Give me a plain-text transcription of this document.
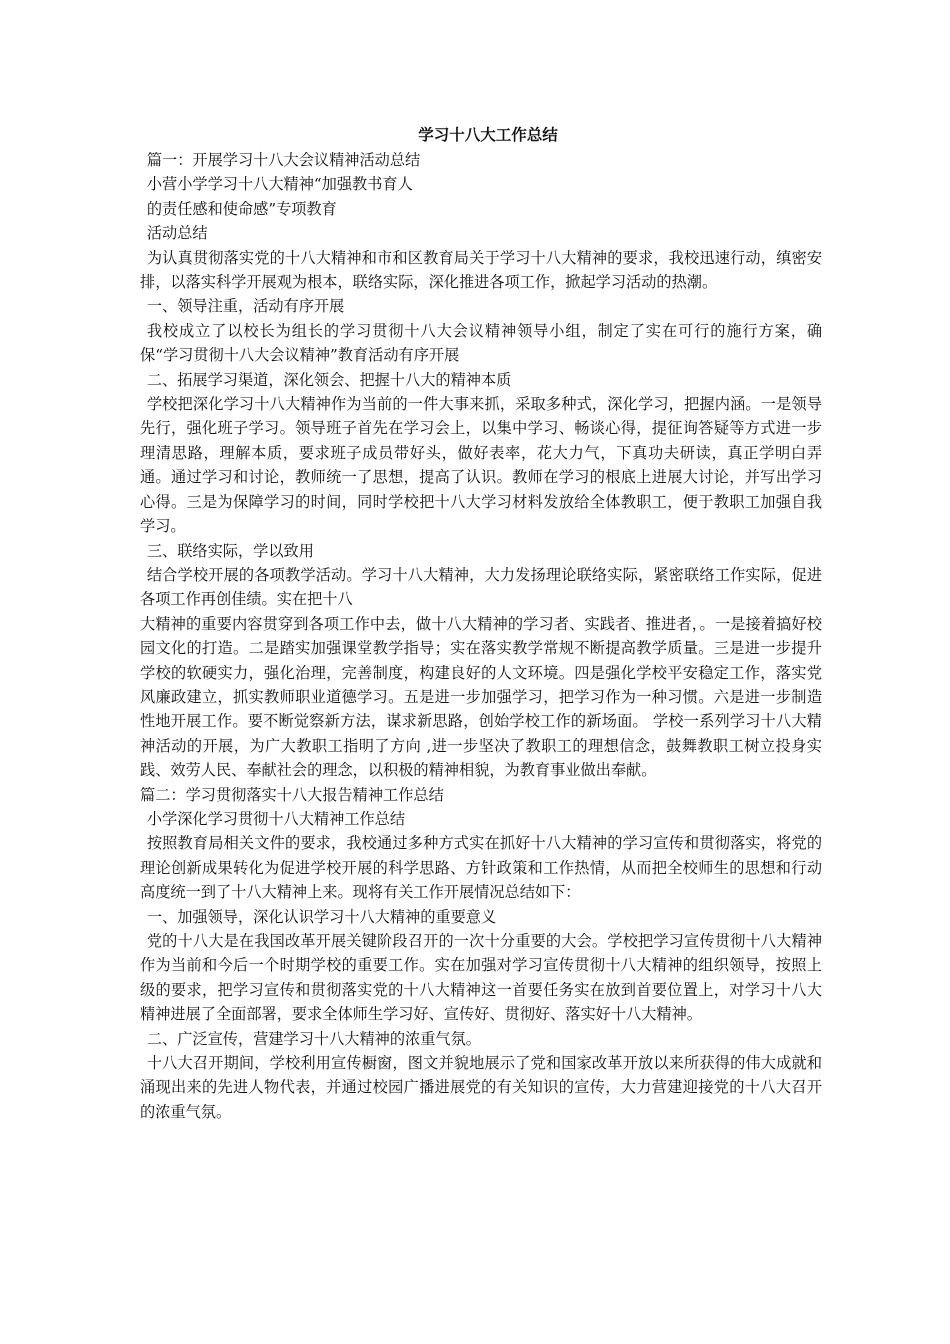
学习十八大工作总结

篇一：开展学习十八大会议精神活动总结

小营小学学习十八大精神“加强教书育人

的责任感和使命感”专项教育

活动总结

为认真贯彻落实党的十八大精神和市和区教育局关于学习十八大精神的要求，我校迅速行动，缜密安排，以落实科学开展观为根本，联络实际，深化推进各项工作，掀起学习活动的热潮。

一、领导注重，活动有序开展

我校成立了以校长为组长的学习贯彻十八大会议精神领导小组，制定了实在可行的施行方案，确保“学习贯彻十八大会议精神”教育活动有序开展

二、拓展学习渠道，深化领会、把握十八大的精神本质

学校把深化学习十八大精神作为当前的一件大事来抓，采取多种式，深化学习，把握内涵。一是领导先行，强化班子学习。领导班子首先在学习会上，以集中学习、畅谈心得，提征询答疑等方式进一步理清思路，理解本质，要求班子成员带好头，做好表率，花大力气，下真功夫研读，真正学明白弄通。通过学习和讨论，教师统一了思想，提高了认识。教师在学习的根底上进展大讨论，并写出学习心得。三是为保障学习的时间，同时学校把十八大学习材料发放给全体教职工，便于教职工加强自我学习。

三、联络实际，学以致用

结合学校开展的各项教学活动。学习十八大精神，大力发扬理论联络实际，紧密联络工作实际，促进各项工作再创佳绩。实在把十八

大精神的重要内容贯穿到各项工作中去，做十八大精神的学习者、实践者、推进者，。一是接着搞好校园文化的打造。二是踏实加强课堂教学指导；实在落实教学常规不断提高教学质量。三是进一步提升学校的软硬实力，强化治理，完善制度，构建良好的人文环境。四是强化学校平安稳定工作，落实党风廉政建立，抓实教师职业道德学习。五是进一步加强学习，把学习作为一种习惯。六是进一步制造性地开展工作。要不断觉察新方法，谋求新思路，创始学校工作的新场面。 学校一系列学习十八大精神活动的开展，为广大教职工指明了方向 ,进一步坚决了教职工的理想信念，鼓舞教职工树立投身实践、效劳人民、奉献社会的理念，以积极的精神相貌，为教育事业做出奉献。

篇二：学习贯彻落实十八大报告精神工作总结

小学深化学习贯彻十八大精神工作总结

按照教育局相关文件的要求，我校通过多种方式实在抓好十八大精神的学习宣传和贯彻落实，将党的理论创新成果转化为促进学校开展的科学思路、方针政策和工作热情，从而把全校师生的思想和行动高度统一到了十八大精神上来。现将有关工作开展情况总结如下：

一、加强领导，深化认识学习十八大精神的重要意义

党的十八大是在我国改革开展关键阶段召开的一次十分重要的大会。学校把学习宣传贯彻十八大精神作为当前和今后一个时期学校的重要工作。实在加强对学习宣传贯彻十八大精神的组织领导，按照上级的要求，把学习宣传和贯彻落实党的十八大精神这一首要任务实在放到首要位置上，对学习十八大精神进展了全面部署，要求全体师生学习好、宣传好、贯彻好、落实好十八大精神。

二、广泛宣传，营建学习十八大精神的浓重气氛。

十八大召开期间，学校利用宣传橱窗，图文并貌地展示了党和国家改革开放以来所获得的伟大成就和涌现出来的先进人物代表，并通过校园广播进展党的有关知识的宣传，大力营建迎接党的十八大召开的浓重气氛。
